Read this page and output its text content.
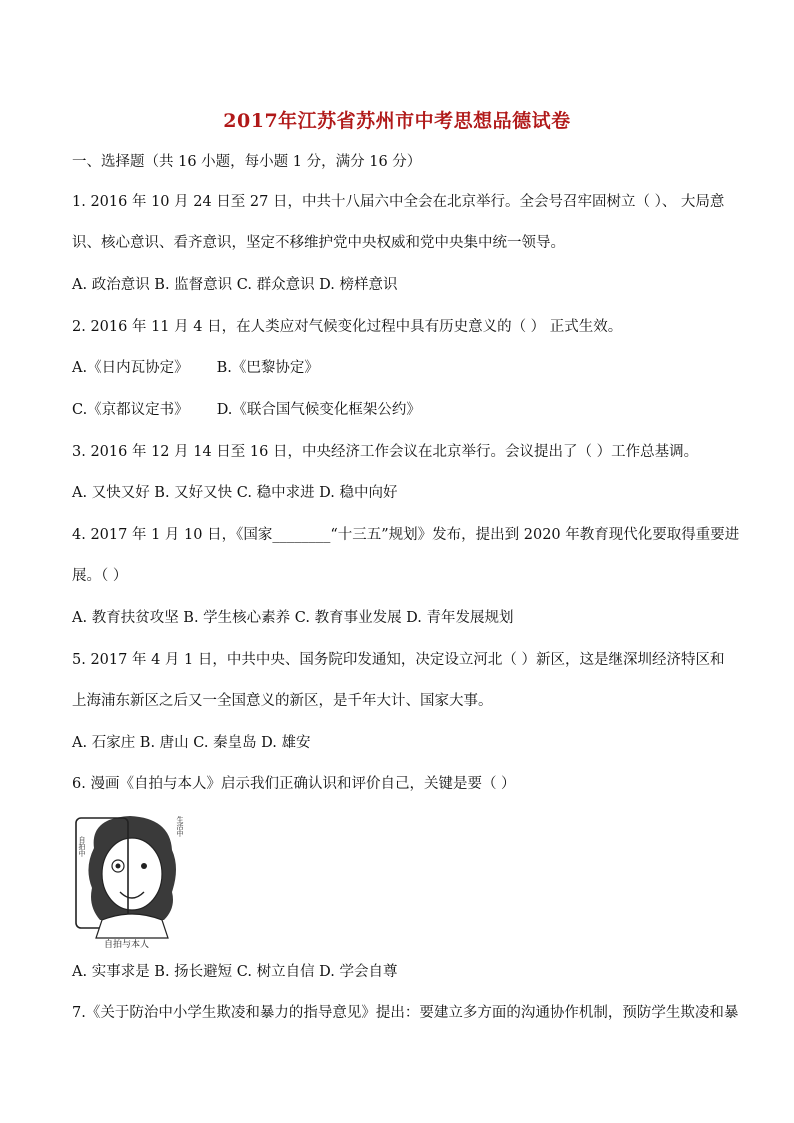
2017年江苏省苏州市中考思想品德试卷
一、选择题（共 16 小题，每小题 1 分，满分 16 分）
1. 2016 年 10 月 24 日至 27 日，中共十八届六中全会在北京举行。全会号召牢固树立（ ）、 大局意
识、核心意识、看齐意识，坚定不移维护党中央权威和党中央集中统一领导。
A. 政治意识 B. 监督意识 C. 群众意识 D. 榜样意识
2. 2016 年 11 月 4 日，在人类应对气候变化过程中具有历史意义的（ ） 正式生效。
A.《日内瓦协定》 B.《巴黎协定》
C.《京都议定书》 D.《联合国气候变化框架公约》
3. 2016 年 12 月 14 日至 16 日，中央经济工作会议在北京举行。会议提出了（ ）工作总基调。
A. 又快又好 B. 又好又快 C. 稳中求进 D. 稳中向好
4. 2017 年 1 月 10 日，《国家________“十三五”规划》发布，提出到 2020 年教育现代化要取得重要进
展。（ ）
A. 教育扶贫攻坚 B. 学生核心素养 C. 教育事业发展 D. 青年发展规划
5. 2017 年 4 月 1 日，中共中央、国务院印发通知，决定设立河北（ ）新区，这是继深圳经济特区和
上海浦东新区之后又一全国意义的新区，是千年大计、国家大事。
A. 石家庄 B. 唐山 C. 秦皇岛 D. 雄安
6. 漫画《自拍与本人》启示我们正确认识和评价自己，关键是要（ ）
自拍中
生活中
自拍与本人
A. 实事求是 B. 扬长避短 C. 树立自信 D. 学会自尊
7.《关于防治中小学生欺凌和暴力的指导意见》提出：要建立多方面的沟通协作机制，预防学生欺凌和暴
